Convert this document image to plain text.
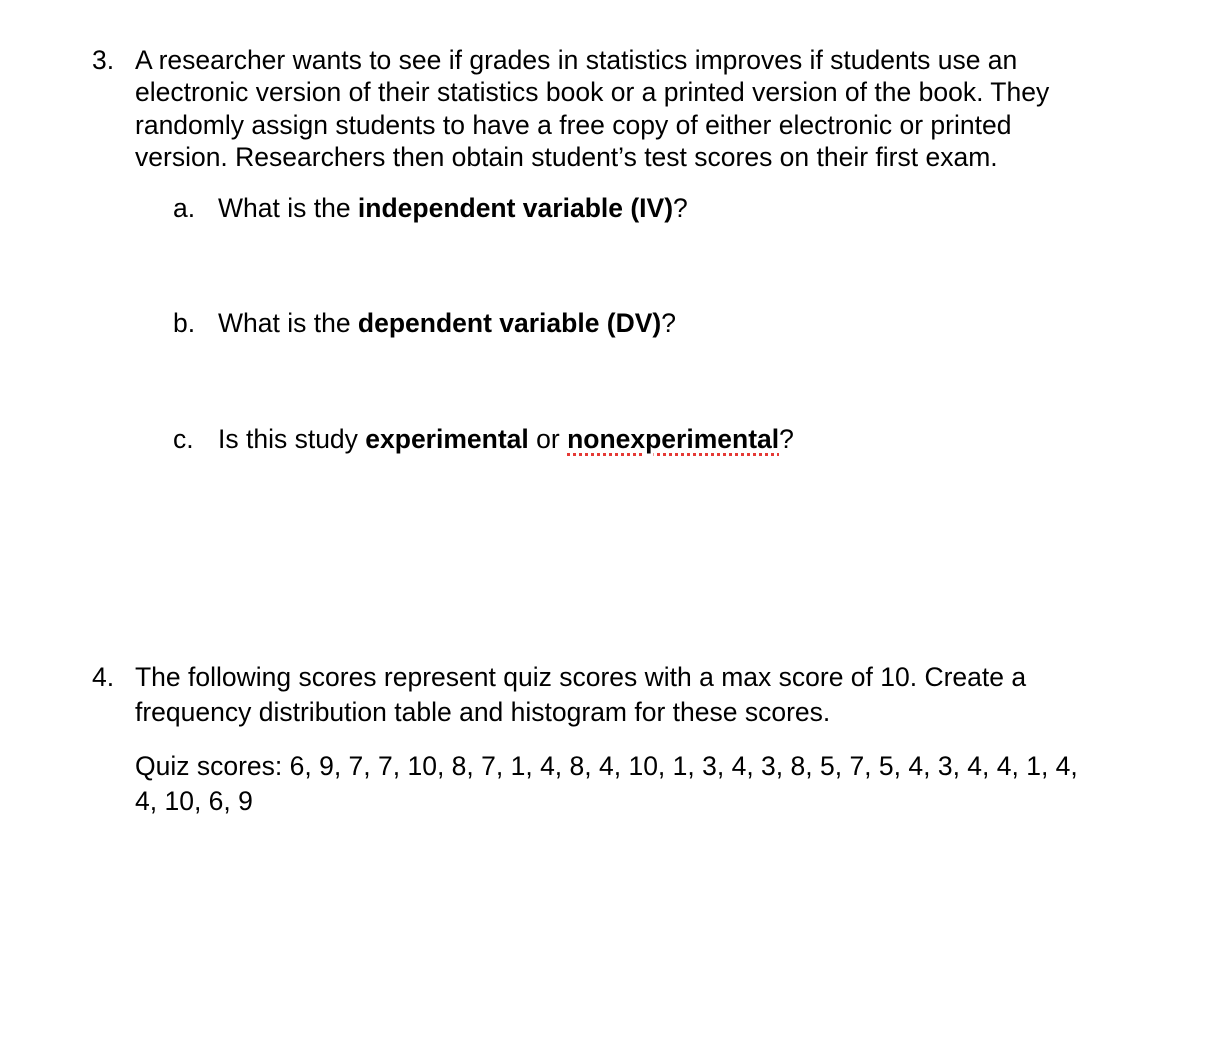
3. A researcher wants to see if grades in statistics improves if students use an
electronic version of their statistics book or a printed version of the book. They
randomly assign students to have a free copy of either electronic or printed
version. Researchers then obtain student’s test scores on their first exam.
a. What is the independent variable (IV)?
b. What is the dependent variable (DV)?
c. Is this study experimental or nonexperimental?
4. The following scores represent quiz scores with a max score of 10. Create a
frequency distribution table and histogram for these scores.
Quiz scores: 6, 9, 7, 7, 10, 8, 7, 1, 4, 8, 4, 10, 1, 3, 4, 3, 8, 5, 7, 5, 4, 3, 4, 4, 1, 4,
4, 10, 6, 9
